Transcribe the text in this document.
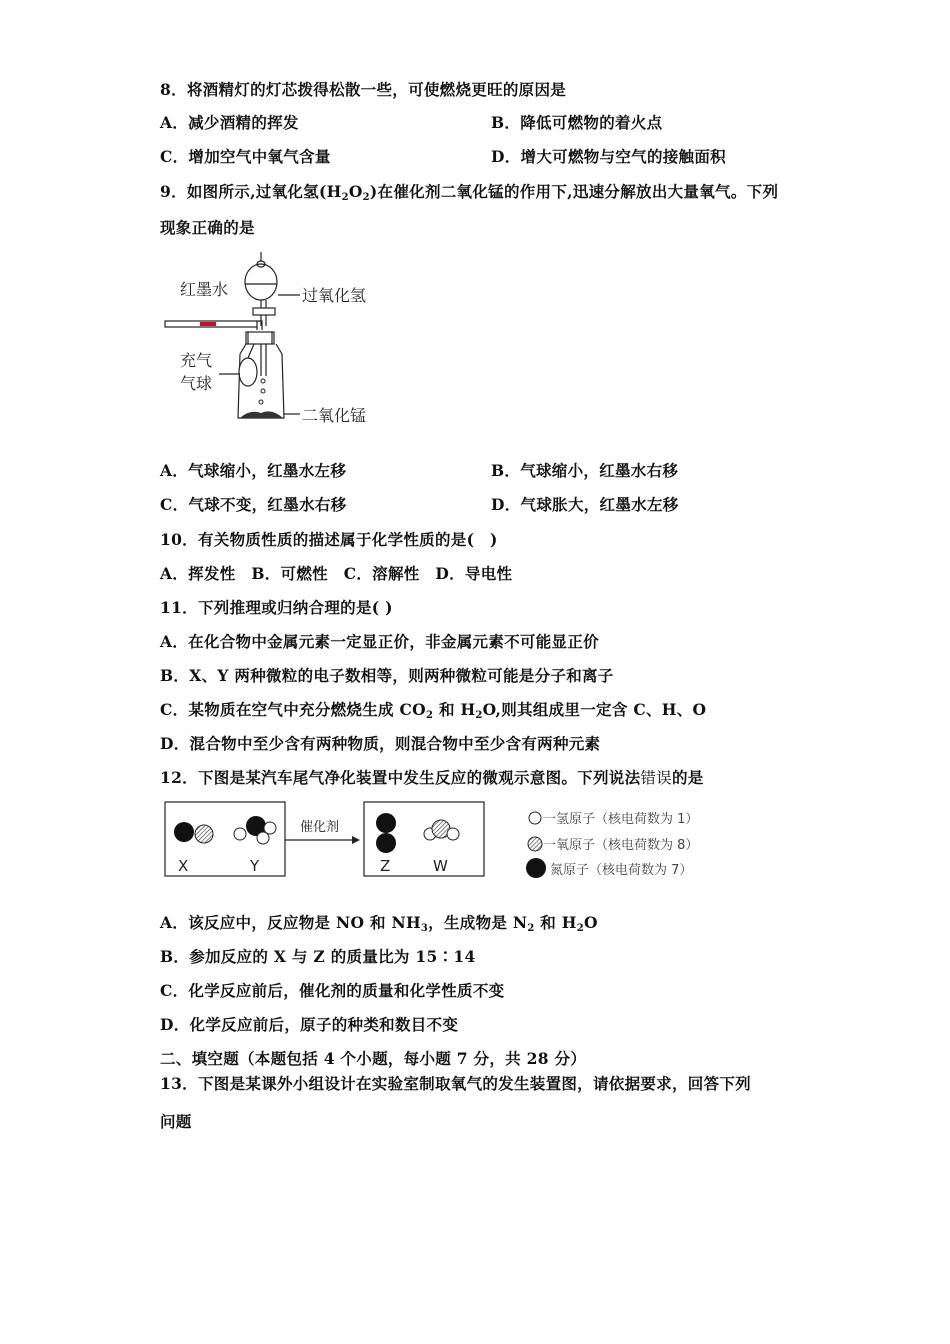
8．将酒精灯的灯芯拨得松散一些，可使燃烧更旺的原因是
A．减少酒精的挥发	B．降低可燃物的着火点
C．增加空气中氧气含量	D．增大可燃物与空气的接触面积
9．如图所示,过氧化氢$(H_2O_2)$在催化剂二氧化锰的作用下,迅速分解放出大量氧气。下列
现象正确的是
红墨水	过氧化氢
充气
气球
二氧化锰
A．气球缩小，红墨水左移	B．气球缩小，红墨水右移
C．气球不变，红墨水右移	D．气球胀大，红墨水左移
10．有关物质性质的描述属于化学性质的是(　)
A．挥发性　B．可燃性　C．溶解性　D．导电性
11．下列推理或归纳合理的是( )
A．在化合物中金属元素一定显正价，非金属元素不可能显正价
B．X、Y 两种微粒的电子数相等，则两种微粒可能是分子和离子
C．某物质在空气中充分燃烧生成 $CO_2$ 和 $H_2O$,则其组成里一定含 C、H、O
D．混合物中至少含有两种物质，则混合物中至少含有两种元素
12．下图是某汽车尾气净化装置中发生反应的微观示意图。下列说法错误的是
X	Y
催化剂
Z	W
一氢原子（核电荷数为 1）
一氧原子（核电荷数为 8）
氮原子（核电荷数为 7）
A．该反应中，反应物是 NO 和 $NH_3$，生成物是 $N_2$ 和 $H_2O$
B．参加反应的 X 与 Z 的质量比为 15∶14
C．化学反应前后，催化剂的质量和化学性质不变
D．化学反应前后，原子的种类和数目不变
二、填空题（本题包括 4 个小题，每小题 7 分，共 28 分）
13．下图是某课外小组设计在实验室制取氧气的发生装置图，请依据要求，回答下列
问题
